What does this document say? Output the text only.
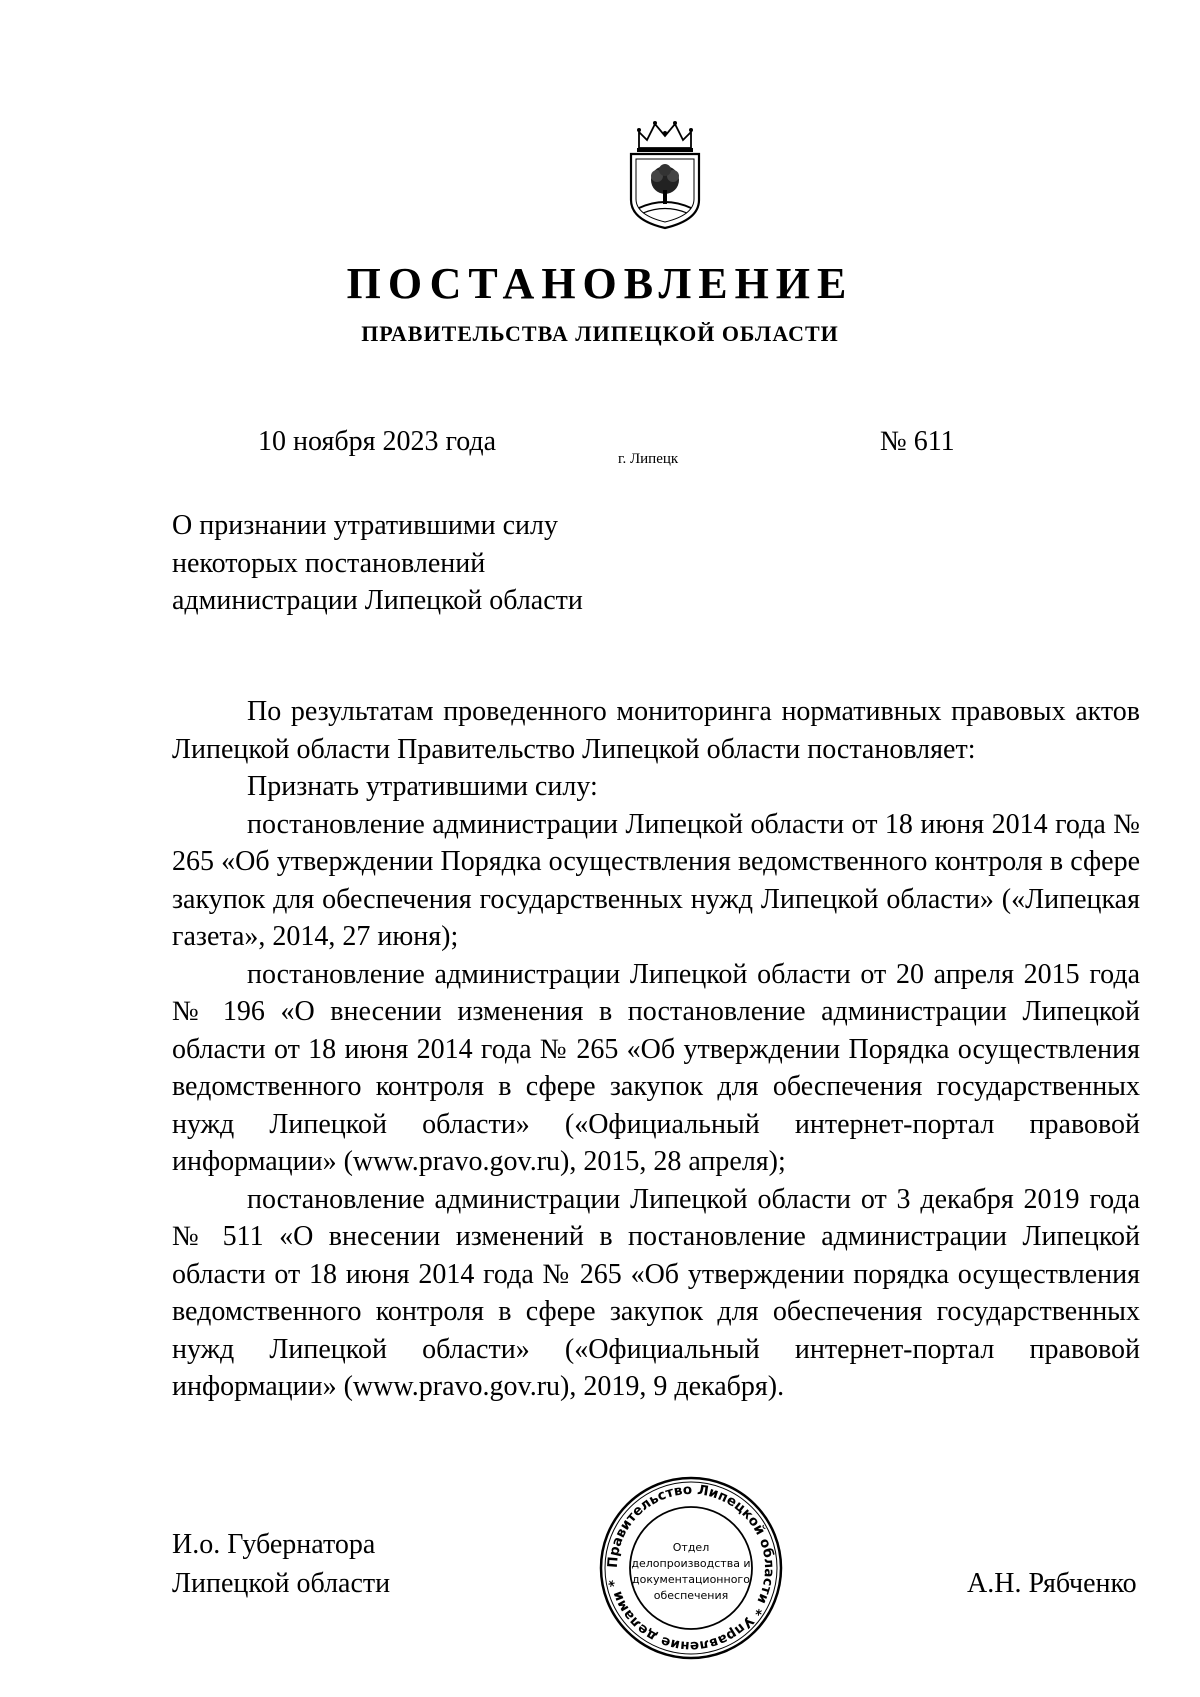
ПОСТАНОВЛЕНИЕ
ПРАВИТЕЛЬСТВА ЛИПЕЦКОЙ ОБЛАСТИ
10 ноября 2023 года
г. Липецк
№ 611
О признании утратившими силу
некоторых постановлений
администрации Липецкой области

По результатам проведенного мониторинга нормативных правовых актов Липецкой области Правительство Липецкой области постановляет:

Признать утратившими силу:

постановление администрации Липецкой области от 18 июня 2014 года № 265 «Об утверждении Порядка осуществления ведомственного контроля в сфере закупок для обеспечения государственных нужд Липецкой области» («Липецкая газета», 2014, 27 июня);

постановление администрации Липецкой области от 20 апреля 2015 года № 196 «О внесении изменения в постановление администрации Липецкой области от 18 июня 2014 года № 265 «Об утверждении Порядка осуществления ведомственного контроля в сфере закупок для обеспечения государственных нужд Липецкой области» («Официальный интернет-портал правовой информации» (www.pravo.gov.ru), 2015, 28 апреля);

постановление администрации Липецкой области от 3 декабря 2019 года № 511 «О внесении изменений в постановление администрации Липецкой области от 18 июня 2014 года № 265 «Об утверждении порядка осуществления ведомственного контроля в сфере закупок для обеспечения государственных нужд Липецкой области» («Официальный интернет-портал правовой информации» (www.pravo.gov.ru), 2019, 9 декабря).

И.о. Губернатора
Липецкой области
Правительство Липецкой области * Управление делами *
Отдел
делопроизводства и
документационного
обеспечения	А.Н. Рябченко
